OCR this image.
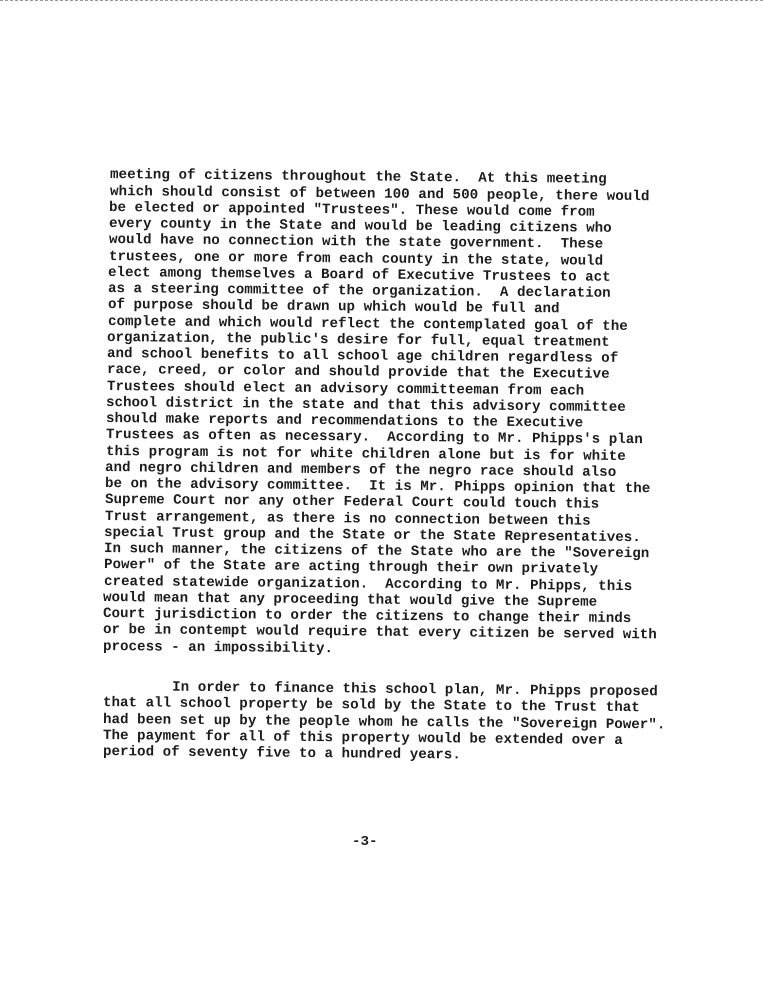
meeting of citizens throughout the State.  At this meeting
which should consist of between 100 and 500 people, there would
be elected or appointed "Trustees". These would come from
every county in the State and would be leading citizens who
would have no connection with the state government.  These
trustees, one or more from each county in the state, would
elect among themselves a Board of Executive Trustees to act
as a steering committee of the organization.  A declaration
of purpose should be drawn up which would be full and
complete and which would reflect the contemplated goal of the
organization, the public's desire for full, equal treatment
and school benefits to all school age children regardless of
race, creed, or color and should provide that the Executive
Trustees should elect an advisory committeeman from each
school district in the state and that this advisory committee
should make reports and recommendations to the Executive
Trustees as often as necessary.  According to Mr. Phipps's plan
this program is not for white children alone but is for white
and negro children and members of the negro race should also
be on the advisory committee.  It is Mr. Phipps opinion that the
Supreme Court nor any other Federal Court could touch this
Trust arrangement, as there is no connection between this
special Trust group and the State or the State Representatives.
In such manner, the citizens of the State who are the "Sovereign
Power" of the State are acting through their own privately
created statewide organization.  According to Mr. Phipps, this
would mean that any proceeding that would give the Supreme
Court jurisdiction to order the citizens to change their minds
or be in contempt would require that every citizen be served with
process - an impossibility.
In order to finance this school plan, Mr. Phipps proposed
that all school property be sold by the State to the Trust that
had been set up by the people whom he calls the "Sovereign Power".
The payment for all of this property would be extended over a
period of seventy five to a hundred years.
-3-
